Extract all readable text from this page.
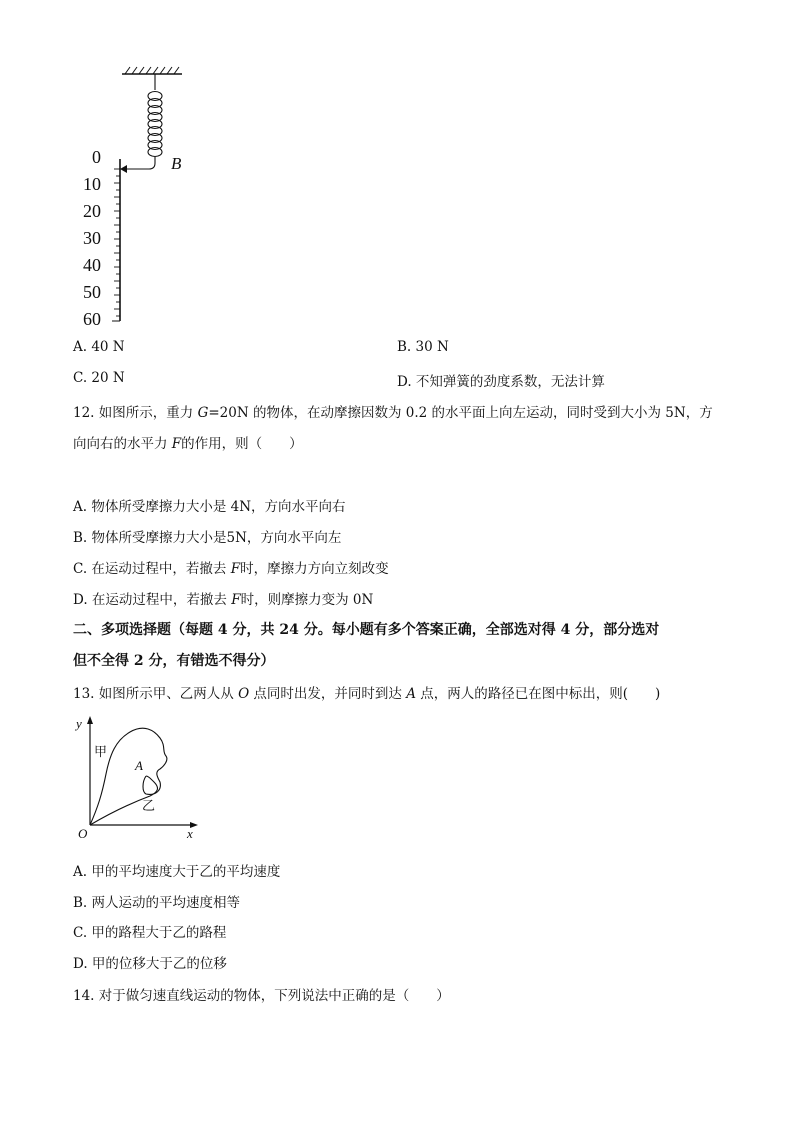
0
10
20
30
40
50
60
B
A. 40 N	B. 30 N
C. 20 N	D. 不知弹簧的劲度系数，无法计算
12. 如图所示，重力 G=20N 的物体，在动摩擦因数为 0.2 的水平面上向左运动，同时受到大小为 5N，方
向向右的水平力 F的作用，则（　　）
A. 物体所受摩擦力大小是 4N，方向水平向右
B. 物体所受摩擦力大小是5N，方向水平向左
C. 在运动过程中，若撤去 F时，摩擦力方向立刻改变
D. 在运动过程中，若撤去 F时，则摩擦力变为 0N
二、多项选择题（每题 4 分，共 24 分。每小题有多个答案正确，全部选对得 4 分，部分选对
但不全得 2 分，有错选不得分）
13. 如图所示甲、乙两人从 O 点同时出发，并同时到达 A 点，两人的路径已在图中标出，则(　　)
y
x
O
A
甲
乙
A. 甲的平均速度大于乙的平均速度
B. 两人运动的平均速度相等
C. 甲的路程大于乙的路程
D. 甲的位移大于乙的位移
14. 对于做匀速直线运动的物体，下列说法中正确的是（　　）
